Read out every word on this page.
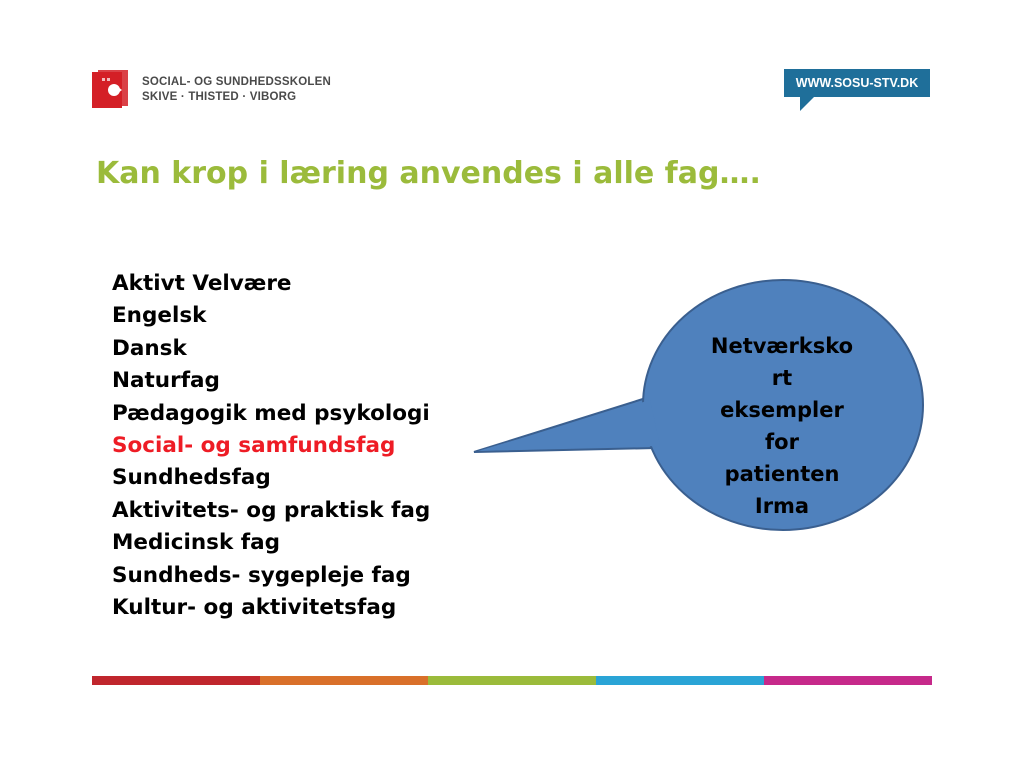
SOCIAL- OG SUNDHEDSSKOLEN
SKIVE · THISTED · VIBORG
WWW.SOSU-STV.DK
Kan krop i læring anvendes i alle fag….
Aktivt Velvære
Engelsk
Dansk
Naturfag
Pædagogik med psykologi
Social- og samfundsfag
Sundhedsfag
Aktivitets- og praktisk fag
Medicinsk fag
Sundheds- sygepleje fag
Kultur- og aktivitetsfag
Netværksko
rt
eksempler
for
patienten
Irma
